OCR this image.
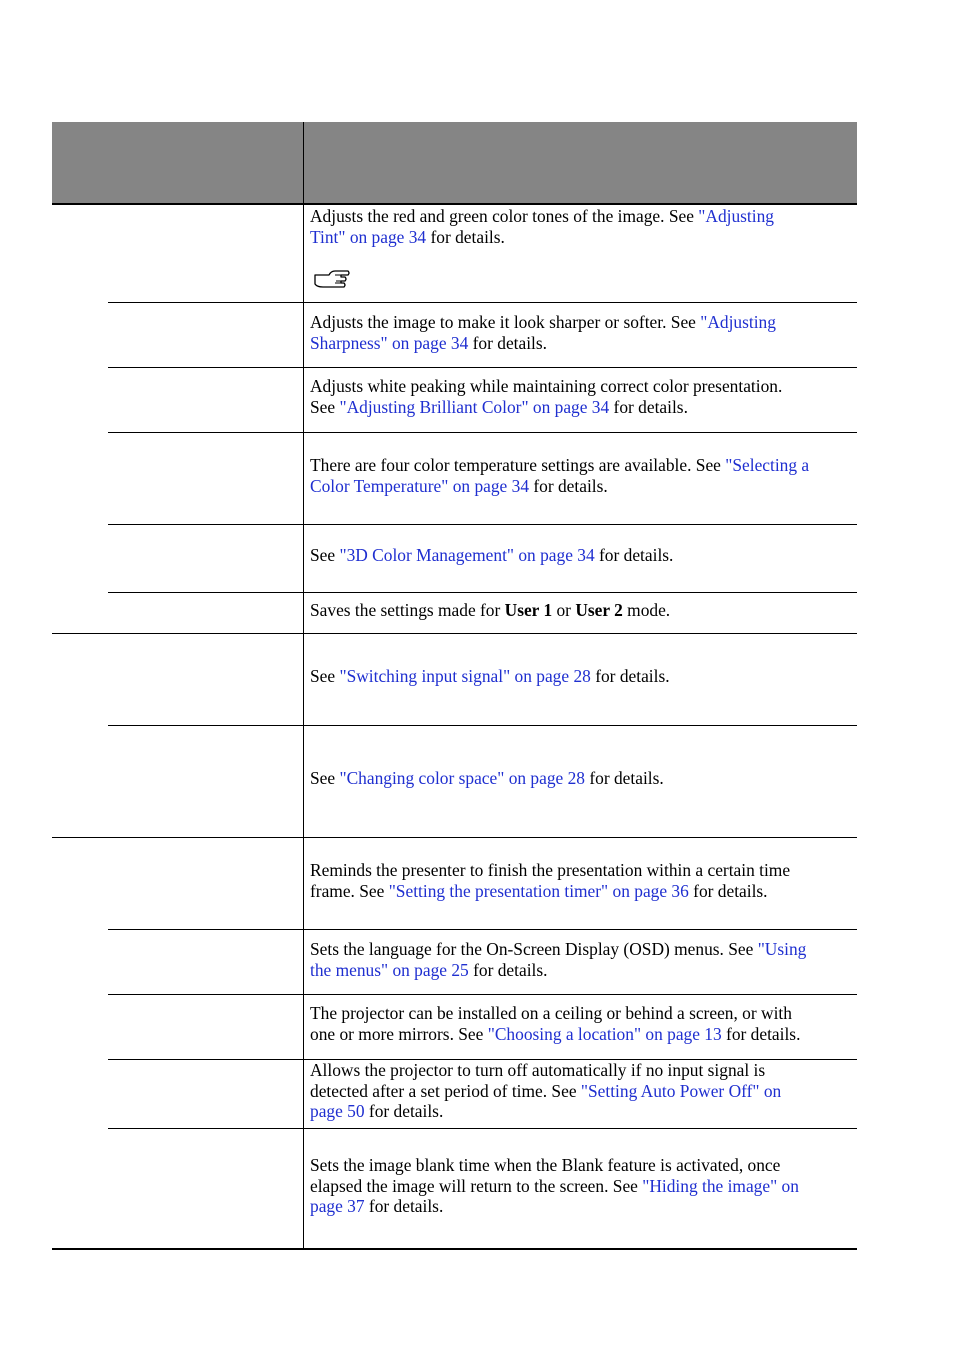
Adjusts the red and green color tones of the image. See "Adjusting
Tint" on page 34 for details.
Adjusts the image to make it look sharper or softer. See "Adjusting
Sharpness" on page 34 for details.
Adjusts white peaking while maintaining correct color presentation.
See "Adjusting Brilliant Color" on page 34 for details.
There are four color temperature settings are available. See "Selecting a
Color Temperature" on page 34 for details.
See "3D Color Management" on page 34 for details.
Saves the settings made for User 1 or User 2 mode.
See "Switching input signal" on page 28 for details.
See "Changing color space" on page 28 for details.
Reminds the presenter to finish the presentation within a certain time
frame. See "Setting the presentation timer" on page 36 for details.
Sets the language for the On-Screen Display (OSD) menus. See "Using
the menus" on page 25 for details.
The projector can be installed on a ceiling or behind a screen, or with
one or more mirrors. See "Choosing a location" on page 13 for details.
Allows the projector to turn off automatically if no input signal is
detected after a set period of time. See "Setting Auto Power Off" on
page 50 for details.
Sets the image blank time when the Blank feature is activated, once
elapsed the image will return to the screen. See "Hiding the image" on
page 37 for details.
